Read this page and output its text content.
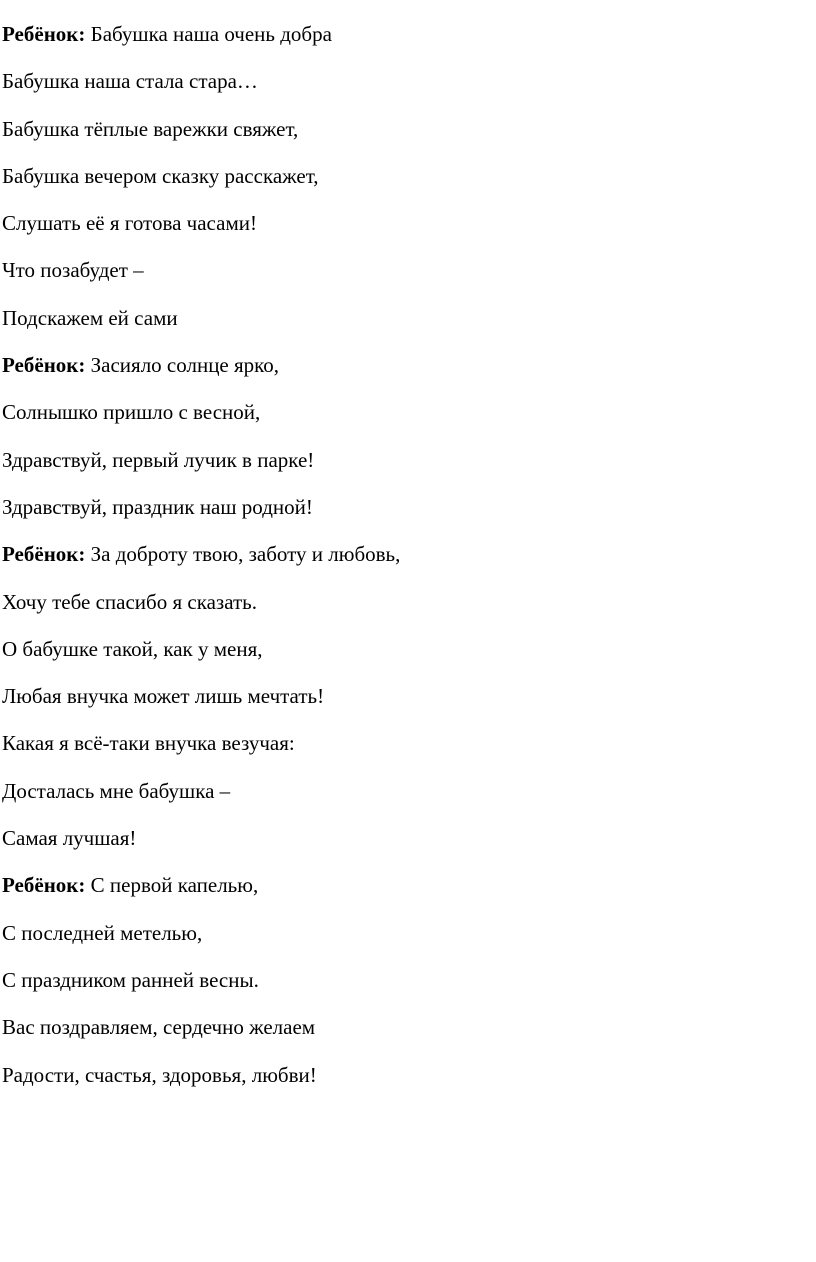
Ребёнок: Бабушка наша очень добра
Бабушка наша стала стара…
Бабушка тёплые варежки свяжет,
Бабушка вечером сказку расскажет,
Слушать её я готова часами!
Что позабудет –
Подскажем ей сами
Ребёнок: Засияло солнце ярко,
Солнышко пришло с весной,
Здравствуй, первый лучик в парке!
Здравствуй, праздник наш родной!
Ребёнок: За доброту твою, заботу и любовь,
Хочу тебе спасибо я сказать.
О бабушке такой, как у меня,
Любая внучка может лишь мечтать!
Какая я всё-таки внучка везучая:
Досталась мне бабушка –
Самая лучшая!
Ребёнок: С первой капелью,
С последней метелью,
С праздником ранней весны.
Вас поздравляем, сердечно желаем
Радости, счастья, здоровья, любви!
